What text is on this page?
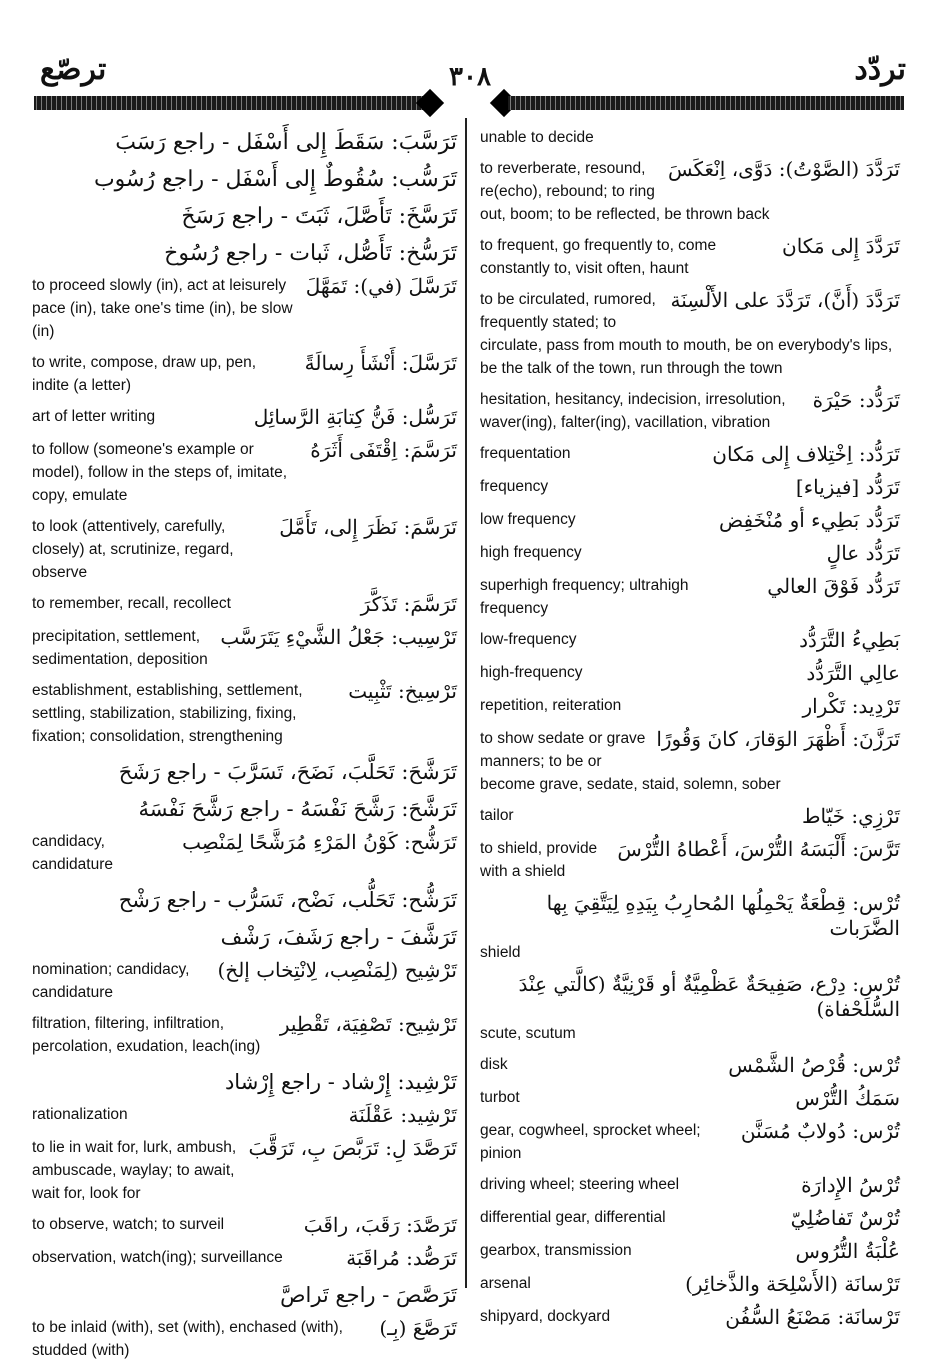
ترصّع	٣٠٨	تردّد
تَرَسَّبَ: سَقَطَ إِلى أَسْفَل - راجع رَسَبَ
تَرَسُّب: سُقُوطٌ إِلى أَسْفَل - راجع رُسُوب
تَرَسَّخَ: تَأَصَّلَ، ثَبَتَ - راجع رَسَخَ
تَرَسُّخ: تَأَصُّل، ثَبات - راجع رُسُوخ
تَرَسَّلَ (في): تَمَهَّلَ
to proceed slowly (in), act at leisurely pace (in), take one's time (in), be slow (in)
تَرَسَّلَ: أَنْشَأَ رِسالَةً
to write, compose, draw up, pen, indite (a letter)
تَرَسُّل: فَنُّ كِتابَةِ الرَّسائِل
art of letter writing
تَرَسَّمَ: اِقْتَفَى أَثَرَهُ
to follow (someone's example or model), follow in the steps of, imitate, copy, emulate
تَرَسَّمَ: نَظَرَ إِلى، تَأَمَّلَ
to look (attentively, carefully, closely) at, scrutinize, regard, observe
تَرَسَّمَ: تَذَكَّرَ
to remember, recall, recollect
تَرْسِيب: جَعْلُ الشَّيْءِ يَتَرَسَّب
precipitation, settlement, sedimentation, deposition
تَرْسِيخ: تَثْبِيت
establishment, establishing, settlement, settling, stabilization, stabilizing, fixing, fixation; consolidation, strengthening
تَرَشَّحَ: تَحَلَّبَ، نَضَحَ، تَسَرَّبَ - راجع رَشَحَ
تَرَشَّحَ: رَشَّحَ نَفْسَهُ - راجع رَشَّحَ نَفْسَهُ
تَرَشُّح: كَوْنُ المَرْءِ مُرَشَّحًا لِمَنْصِب
candidacy, candidature
تَرَشُّح: تَحَلُّب، نَضْح، تَسَرُّب - راجع رَشْح
تَرَشَّفَ - راجع رَشَفَ، رَشْف
تَرْشِيح (لِمَنْصِب، لِانْتِخاب إلخ)
nomination; candidacy, candidature
تَرْشِيح: تَصْفِيَة، تَقْطِير
filtration, filtering, infiltration, percolation, exudation, leach(ing)
تَرْشِيد: إِرْشاد - راجع إِرْشاد
تَرْشِيد: عَقْلَنَة
rationalization
تَرَصَّدَ لِ: تَرَبَّصَ بِ، تَرَقَّبَ
to lie in wait for, lurk, ambush, ambuscade, waylay; to await, wait for, look for
تَرَصَّدَ: رَقَبَ، راقَبَ
to observe, watch; to surveil
تَرَصُّد: مُراقَبَة
observation, watch(ing); surveillance
تَرَصَّصَ - راجع تَراصَّ
تَرَصَّعَ (بِـ)
to be inlaid (with), set (with), enchased (with), studded (with)
unable to decide
تَرَدَّدَ (الصَّوْتُ): دَوَّى، اِنْعَكَسَ
to reverberate, resound, re(echo), rebound; to ring out, boom; to be reflected, be thrown back
تَرَدَّدَ إِلى مَكان
to frequent, go frequently to, come constantly to, visit often, haunt
تَرَدَّدَ (أَنَّ)، تَرَدَّدَ على الأَلْسِنَة
to be circulated, rumored, frequently stated; to circulate, pass from mouth to mouth, be on everybody's lips, be the talk of the town, run through the town
تَرَدُّد: حَيْرَة
hesitation, hesitancy, indecision, irresolution, waver(ing), falter(ing), vacillation, vibration
تَرَدُّد: اِخْتِلاف إِلى مَكان
frequentation
تَرَدُّد [فيزياء]
frequency
تَرَدُّد بَطِيء أو مُنْخَفِض
low frequency
تَرَدُّد عالٍ
high frequency
تَرَدُّد فَوْقَ العالي
superhigh frequency; ultrahigh frequency
بَطِيءُ التَّرَدُّد
low-frequency
عالِي التَّرَدُّد
high-frequency
تَرْدِيد: تَكْرار
repetition, reiteration
تَرَزَّنَ: أَظْهَرَ الوَقارَ، كانَ وَقُورًا
to show sedate or grave manners; to be or become grave, sedate, staid, solemn, sober
تَرْزِي: خَيّاط
tailor
تَرَّسَ: أَلْبَسَهُ التُّرْسَ، أَعْطاهُ التُّرْسَ
to shield, provide with a shield
تُرْس: قِطْعَةٌ يَحْمِلُها المُحارِبُ بِيَدِهِ لِيَتَّقِيَ بِها الضَّرَبات
shield
تُرْس: دِرْع، صَفِيحَةٌ عَظْمِيَّةٌ أو قَرْنِيَّةٌ (كالَّتي عِنْدَ السُّلَحْفاة)
scute, scutum
تُرْس: قُرْصُ الشَّمْس
disk
سَمَكُ التُّرْس
turbot
تُرْس: دُولابٌ مُسَنَّن
gear, cogwheel, sprocket wheel; pinion
تُرْسُ الإِدارَة
driving wheel; steering wheel
تُرْسٌ تَفاضُلِيّ
differential gear, differential
عُلْبَةُ التُّرُوس
gearbox, transmission
تَرْسانَة (الأَسْلِحَة والذَّخائِر)
arsenal
تَرْسانَة: مَصْنَعُ السُّفُن
shipyard, dockyard
